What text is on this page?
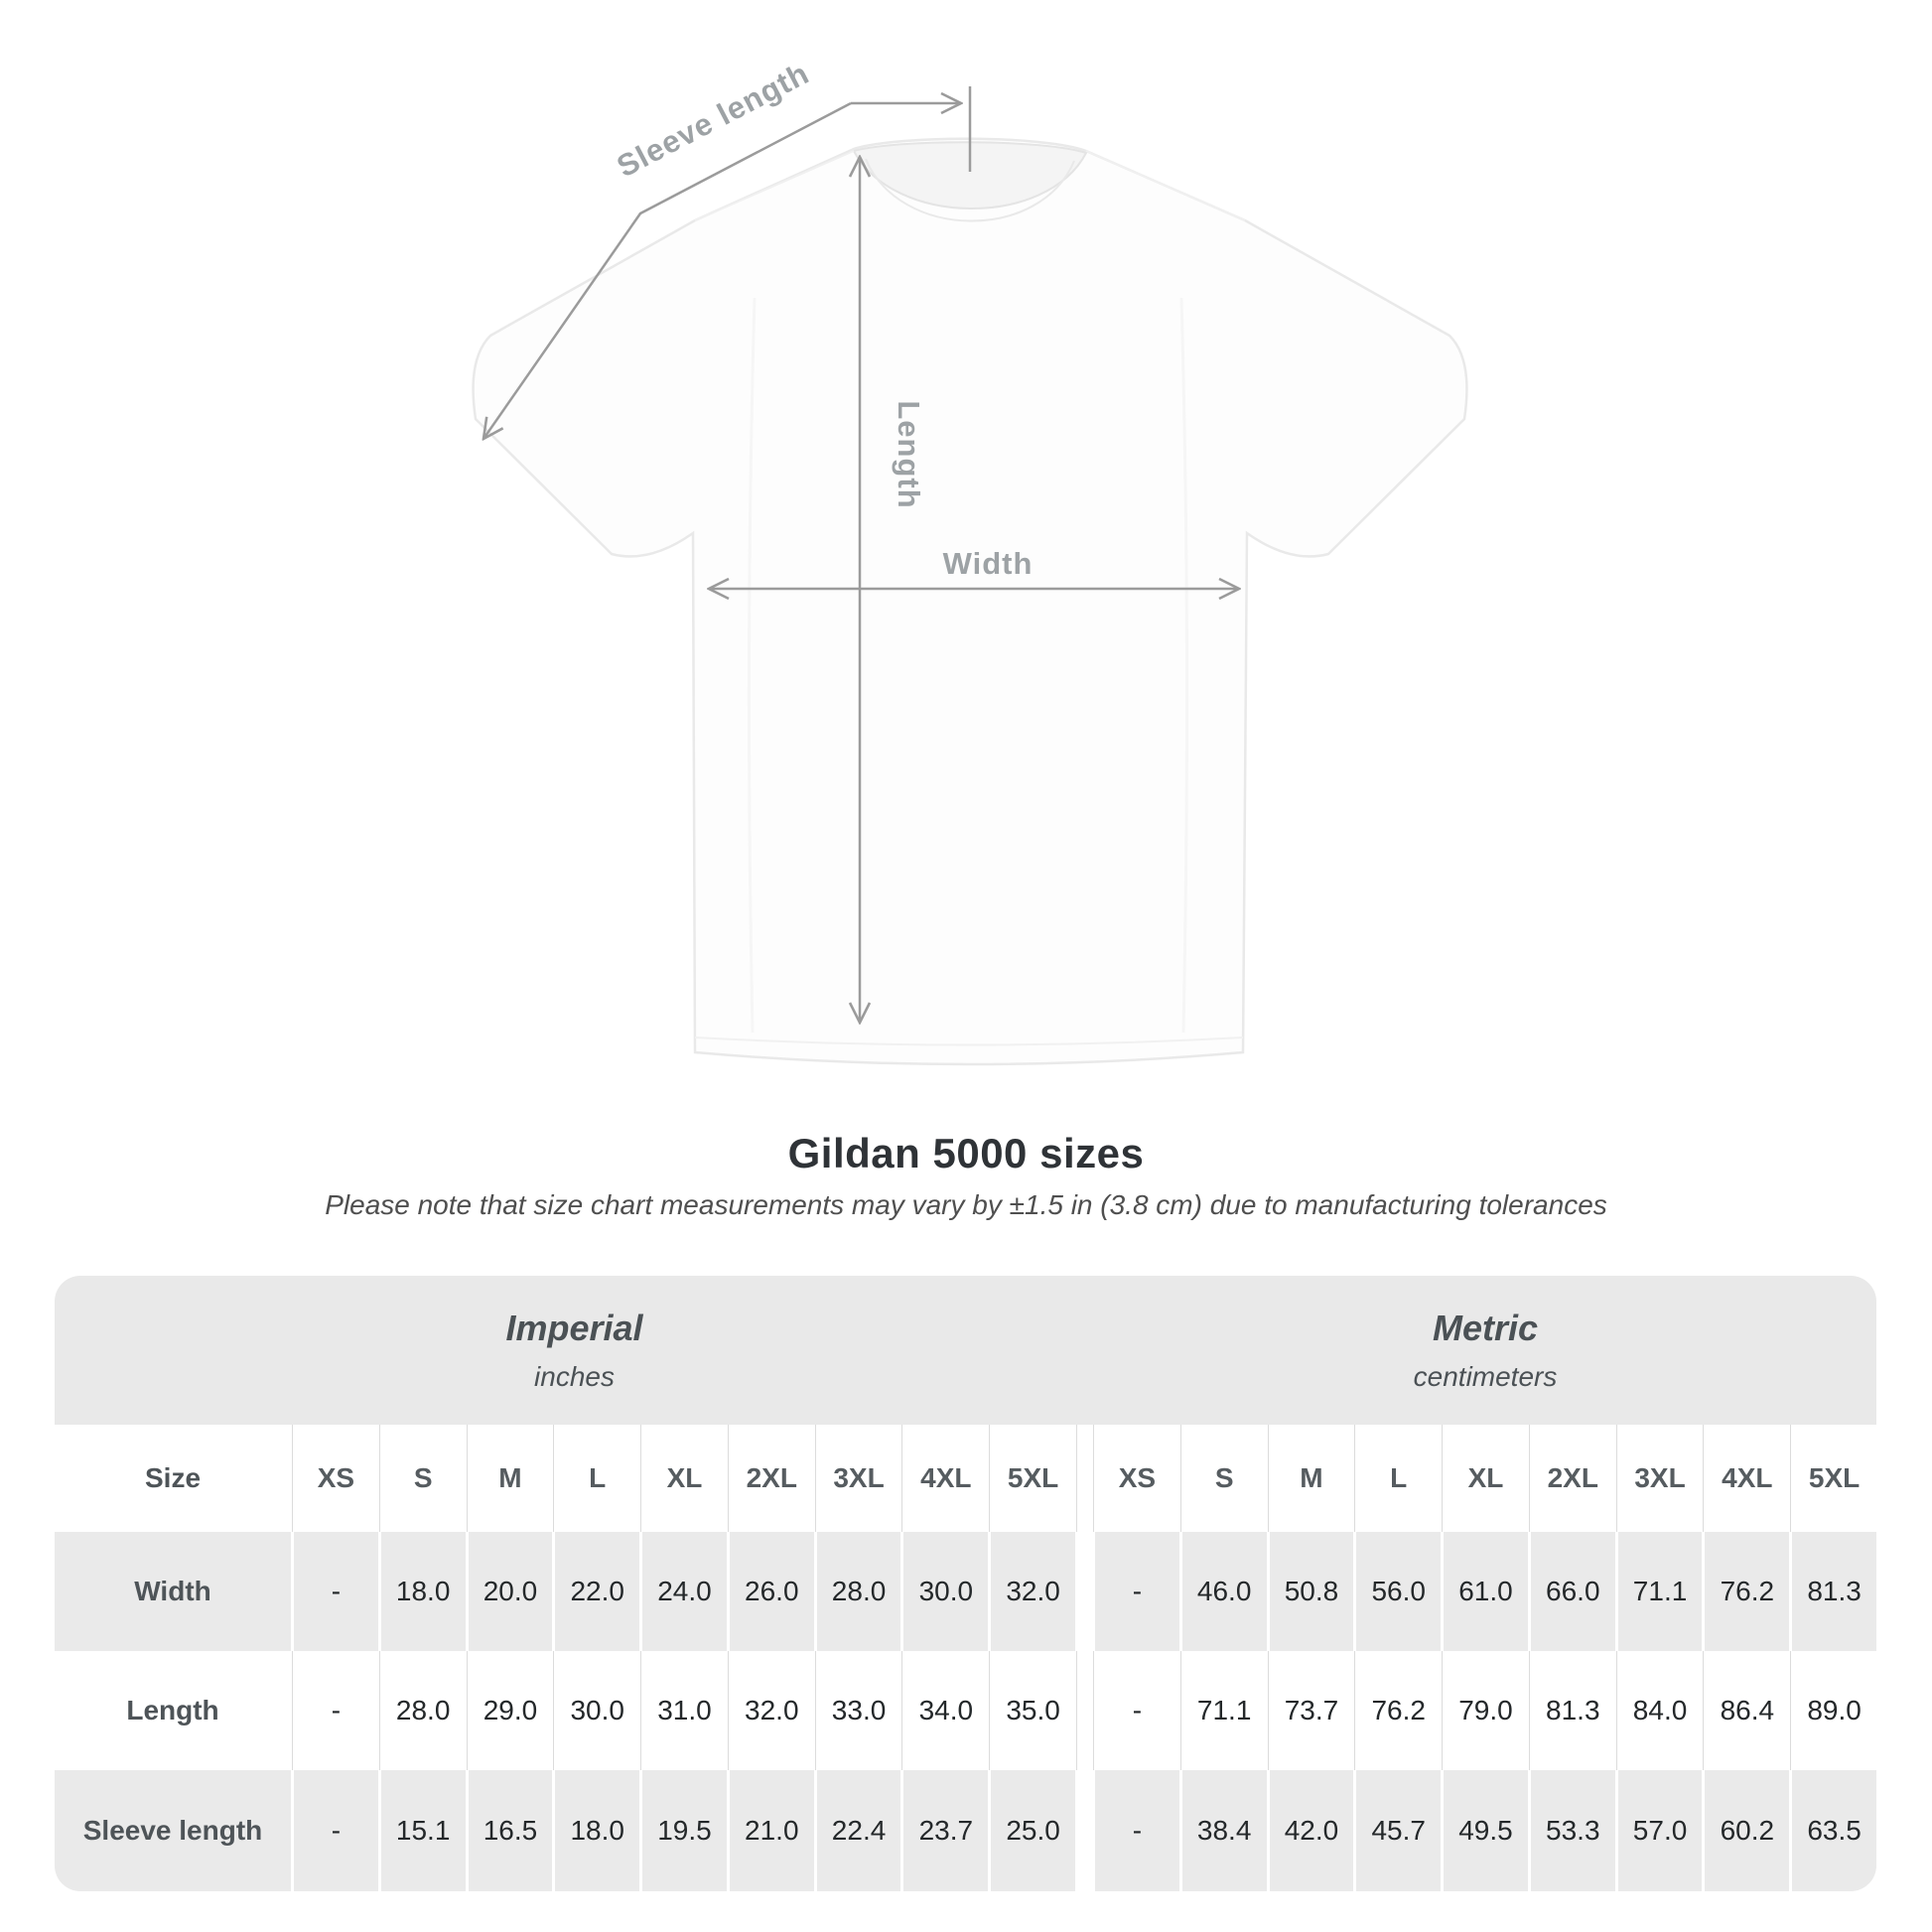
Sleeve length
Length
Width
Gildan 5000 sizes
Please note that size chart measurements may vary by ±1.5 in (3.8 cm) due to manufacturing tolerances
Imperial
inches
Metric
centimeters
Size	XS	S	M	L	XL	2XL	3XL	4XL	5XL	XS	S	M	L	XL	2XL	3XL	4XL	5XL
Width	-	18.0	20.0	22.0	24.0	26.0	28.0	30.0	32.0	-	46.0	50.8	56.0	61.0	66.0	71.1	76.2	81.3
Length	-	28.0	29.0	30.0	31.0	32.0	33.0	34.0	35.0	-	71.1	73.7	76.2	79.0	81.3	84.0	86.4	89.0
Sleeve length	-	15.1	16.5	18.0	19.5	21.0	22.4	23.7	25.0	-	38.4	42.0	45.7	49.5	53.3	57.0	60.2	63.5
